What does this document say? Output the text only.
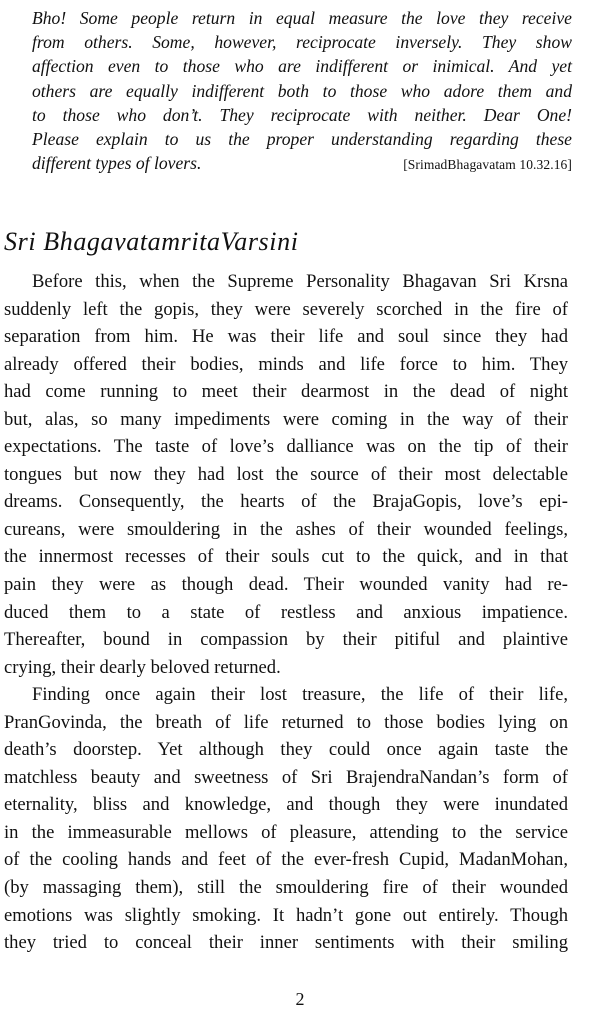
Bho! Some people return in equal measure the love they receive
from others. Some, however, reciprocate inversely. They show
affection even to those who are indifferent or inimical. And yet
others are equally indifferent both to those who adore them and
to those who don’t. They reciprocate with neither. Dear One!
Please explain to us the proper understanding regarding these
different types of lovers.	[SrimadBhagavatam 10.32.16]
Sri BhagavatamritaVarsini
Before this, when the Supreme Personality Bhagavan Sri Krsna
suddenly left the gopis, they were severely scorched in the fire of
separation from him. He was their life and soul since they had
already offered their bodies, minds and life force to him. They
had come running to meet their dearmost in the dead of night
but, alas, so many impediments were coming in the way of their
expectations. The taste of love’s dalliance was on the tip of their
tongues but now they had lost the source of their most delectable
dreams. Consequently, the hearts of the BrajaGopis, love’s epi-
cureans, were smouldering in the ashes of their wounded feelings,
the innermost recesses of their souls cut to the quick, and in that
pain they were as though dead. Their wounded vanity had re-
duced them to a state of restless and anxious impatience.
Thereafter, bound in compassion by their pitiful and plaintive
crying, their dearly beloved returned.
Finding once again their lost treasure, the life of their life,
PranGovinda, the breath of life returned to those bodies lying on
death’s doorstep. Yet although they could once again taste the
matchless beauty and sweetness of Sri BrajendraNandan’s form of
eternality, bliss and knowledge, and though they were inundated
in the immeasurable mellows of pleasure, attending to the service
of the cooling hands and feet of the ever-fresh Cupid, MadanMohan,
(by massaging them), still the smouldering fire of their wounded
emotions was slightly smoking. It hadn’t gone out entirely. Though
they tried to conceal their inner sentiments with their smiling
2
